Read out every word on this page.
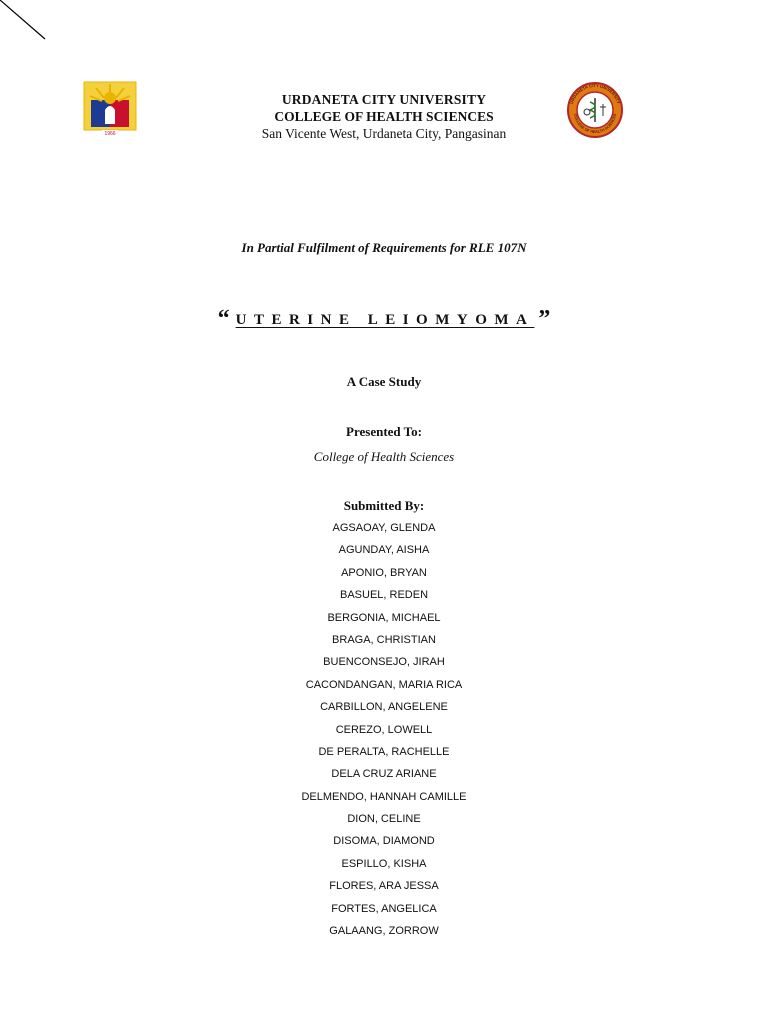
1966
URDANETA CITY UNIVERSITY
COLLEGE OF HEALTH SCIENCES
URDANETA CITY UNIVERSITY
COLLEGE OF HEALTH SCIENCES
San Vicente West, Urdaneta City, Pangasinan
In Partial Fulfilment of Requirements for RLE 107N
“ UTERINE LEIOMYOMA ”
A Case Study
Presented To:
College of Health Sciences
Submitted By:
AGSAOAY, GLENDA
AGUNDAY, AISHA
APONIO, BRYAN
BASUEL, REDEN
BERGONIA, MICHAEL
BRAGA, CHRISTIAN
BUENCONSEJO, JIRAH
CACONDANGAN, MARIA RICA
CARBILLON, ANGELENE
CEREZO, LOWELL
DE PERALTA, RACHELLE
DELA CRUZ ARIANE
DELMENDO, HANNAH CAMILLE
DION, CELINE
DISOMA, DIAMOND
ESPILLO, KISHA
FLORES, ARA JESSA
FORTES, ANGELICA
GALAANG, ZORROW
